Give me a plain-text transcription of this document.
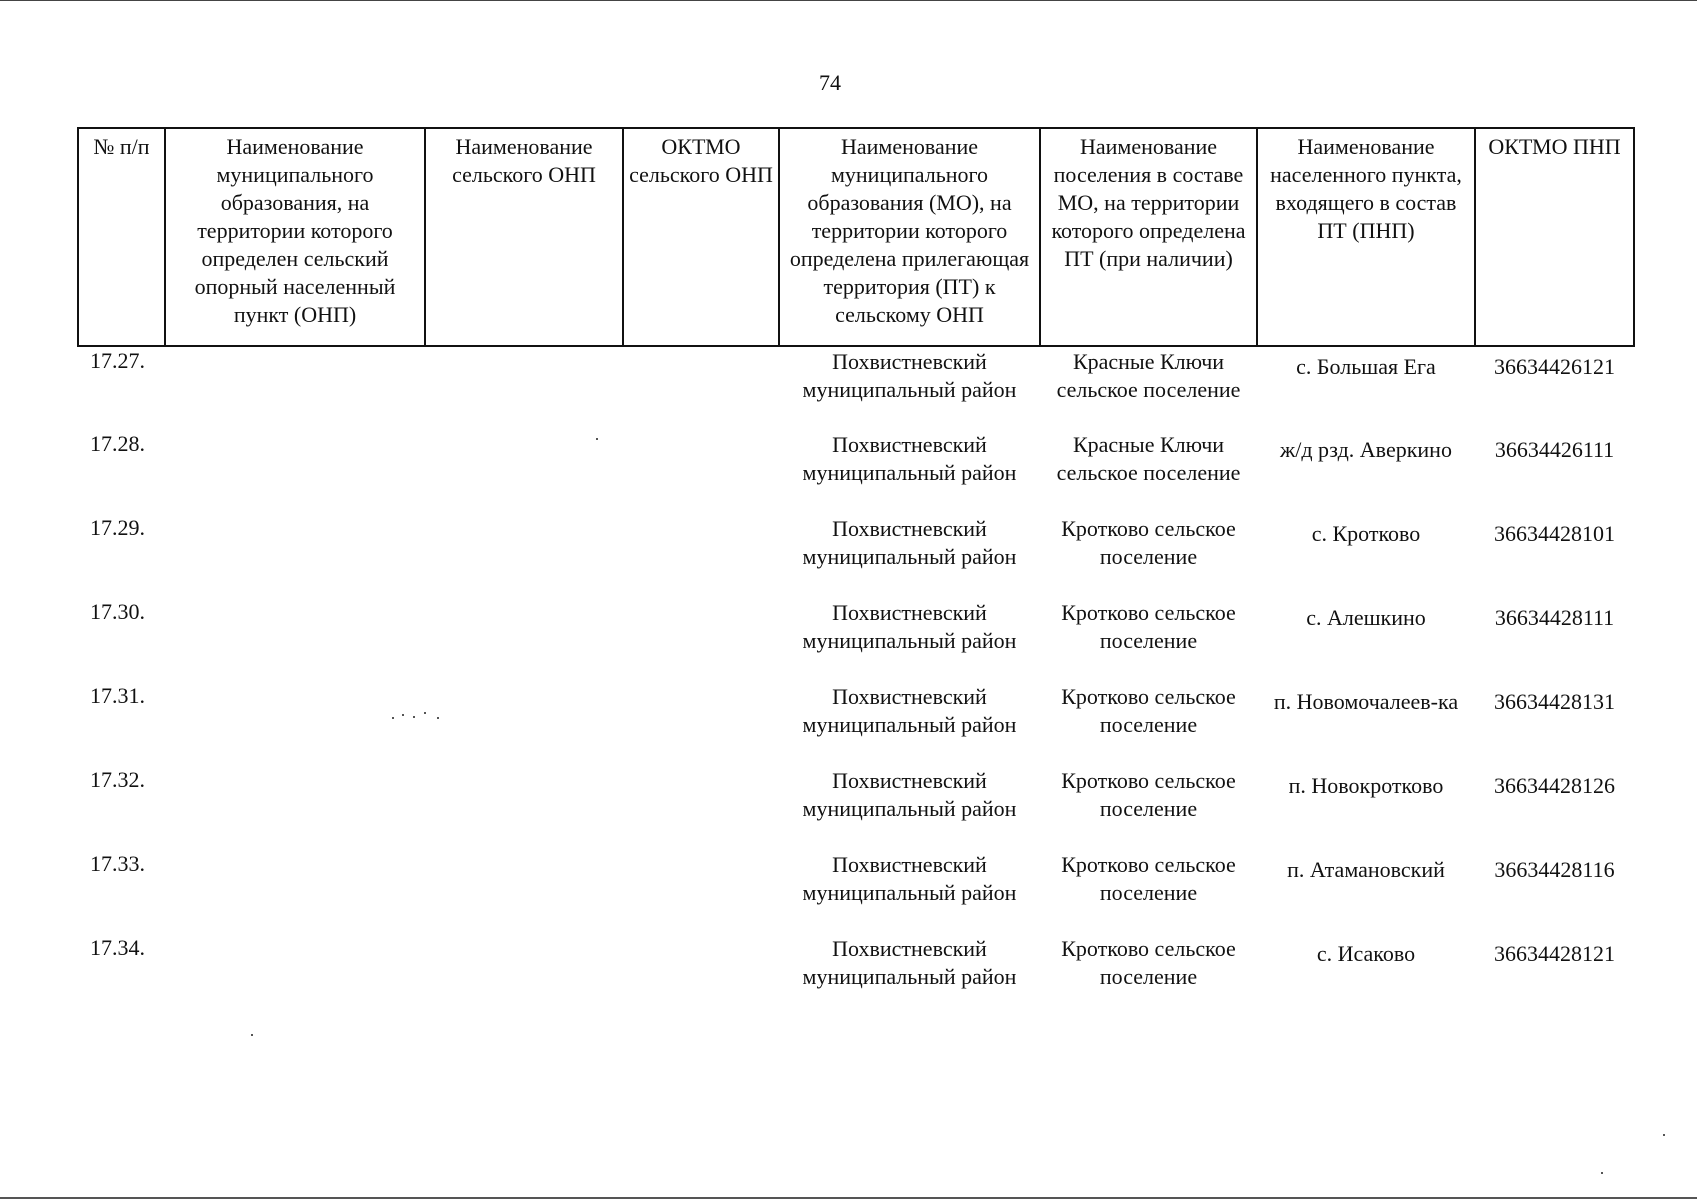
74
№ п/п	Наименование муниципального образования, на территории которого определен сельский опорный населенный пункт (ОНП)	Наименование сельского ОНП	ОКТМО сельского ОНП	Наименование муниципального образования (МО), на территории которого определена прилегающая территория (ПТ) к сельскому ОНП	Наименование поселения в составе МО, на территории которого определена ПТ (при наличии)	Наименование населенного пункта, входящего в состав ПТ (ПНП)	ОКТМО ПНП
17.27.				Похвистневский муниципальный район	Красные Ключи сельское поселение	с. Большая Ега	36634426121
17.28.				Похвистневский муниципальный район	Красные Ключи сельское поселение	ж/д рзд. Аверкино	36634426111
17.29.				Похвистневский муниципальный район	Кротково сельское поселение	с. Кротково	36634428101
17.30.				Похвистневский муниципальный район	Кротково сельское поселение	с. Алешкино	36634428111
17.31.				Похвистневский муниципальный район	Кротково сельское поселение	п. Новомочалеев-ка	36634428131
17.32.				Похвистневский муниципальный район	Кротково сельское поселение	п. Новокротково	36634428126
17.33.				Похвистневский муниципальный район	Кротково сельское поселение	п. Атамановский	36634428116
17.34.				Похвистневский муниципальный район	Кротково сельское поселение	с. Исаково	36634428121
